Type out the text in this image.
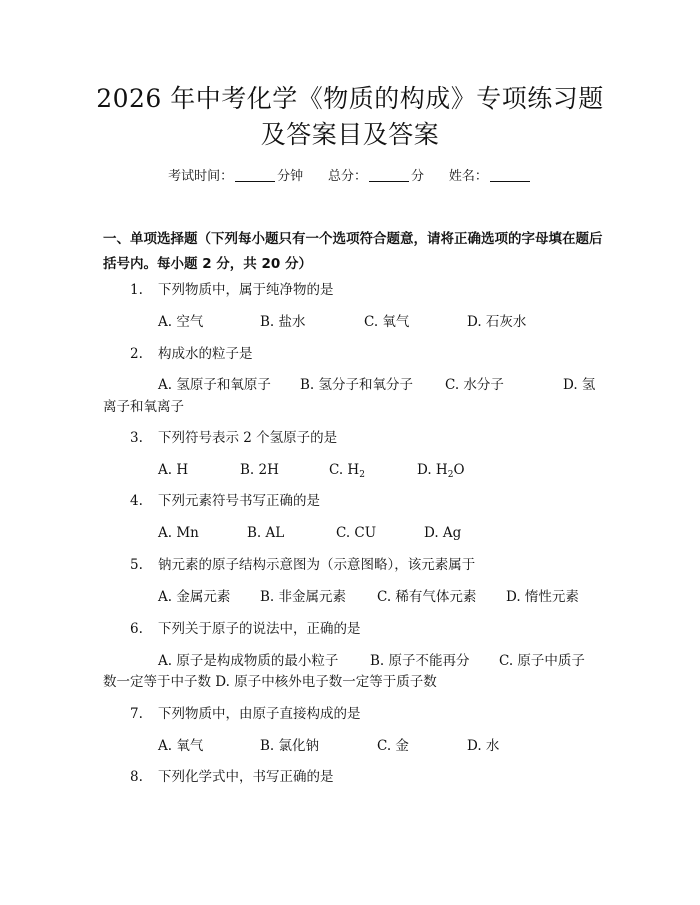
2026 年中考化学《物质的构成》专项练习题
及答案目及答案
考试时间：	分钟 总分：	分 姓名：
一、单项选择题（下列每小题只有一个选项符合题意，请将正确选项的字母填在题后括号内。每小题 2 分，共 20 分）
1. 下列物质中，属于纯净物的是
A. 空气	B. 盐水	C. 氧气	D. 石灰水
2. 构成水的粒子是
A. 氢原子和氧原子 B. 氢分子和氧分子 C. 水分子	D. 氢
离子和氧离子
3. 下列符号表示 2 个氢原子的是
A. H	B. 2H	C. $H_2$	D. $H_2O$
4. 下列元素符号书写正确的是
A. Mn	B. AL	C. CU	D. Ag
5. 钠元素的原子结构示意图为（示意图略），该元素属于
A. 金属元素 B. 非金属元素 C. 稀有气体元素 D. 惰性元素
6. 下列关于原子的说法中，正确的是
A. 原子是构成物质的最小粒子 B. 原子不能再分 C. 原子中质子
数一定等于中子数 D. 原子中核外电子数一定等于质子数
7. 下列物质中，由原子直接构成的是
A. 氧气	B. 氯化钠	C. 金	D. 水
8. 下列化学式中，书写正确的是
